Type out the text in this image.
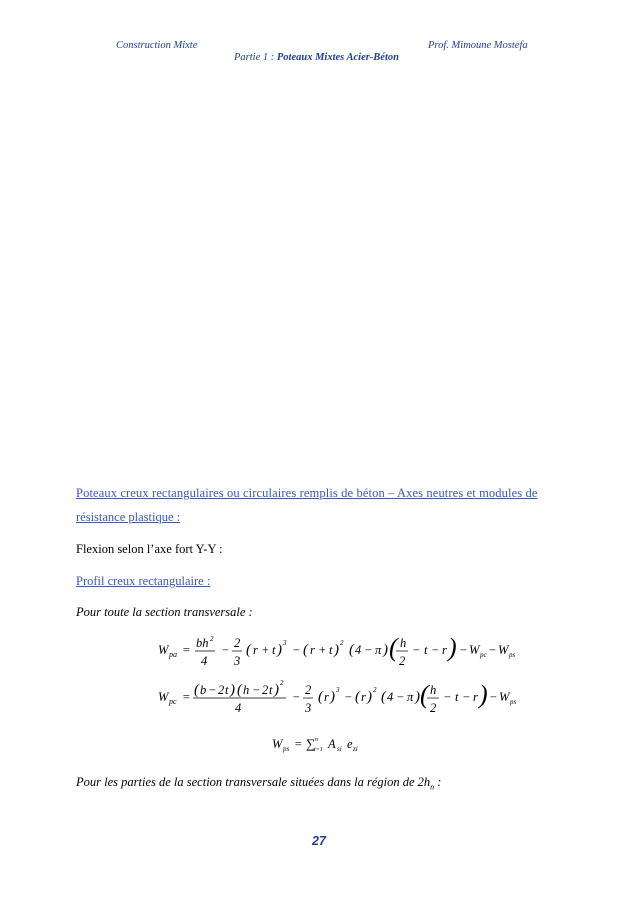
Construction Mixte	Prof. Mimoune Mostefa
Partie 1 : Poteaux Mixtes Acier-Béton
Poteaux creux rectangulaires ou circulaires remplis de béton – Axes neutres et modules de
résistance plastique :
Flexion selon l’axe fort Y-Y :
Profil creux rectangulaire :
Pour toute la section transversale :
W pa = bh 2
4
− 2
3
( r + t ) 3 − ( r + t ) 2 ( 4 − π ) ( h
2
− t − r ) − W pc − W ps
W pc = ( b − 2 t ) ( h − 2 t ) 2
4
− 2
3
( r ) 3 − ( r ) 2 ( 4 − π ) ( h
2
− t − r ) − W ps
W ps = ∑ n
i=1 A si e zi
Pour les parties de la section transversale situées dans la région de $2h_n$ :
27
